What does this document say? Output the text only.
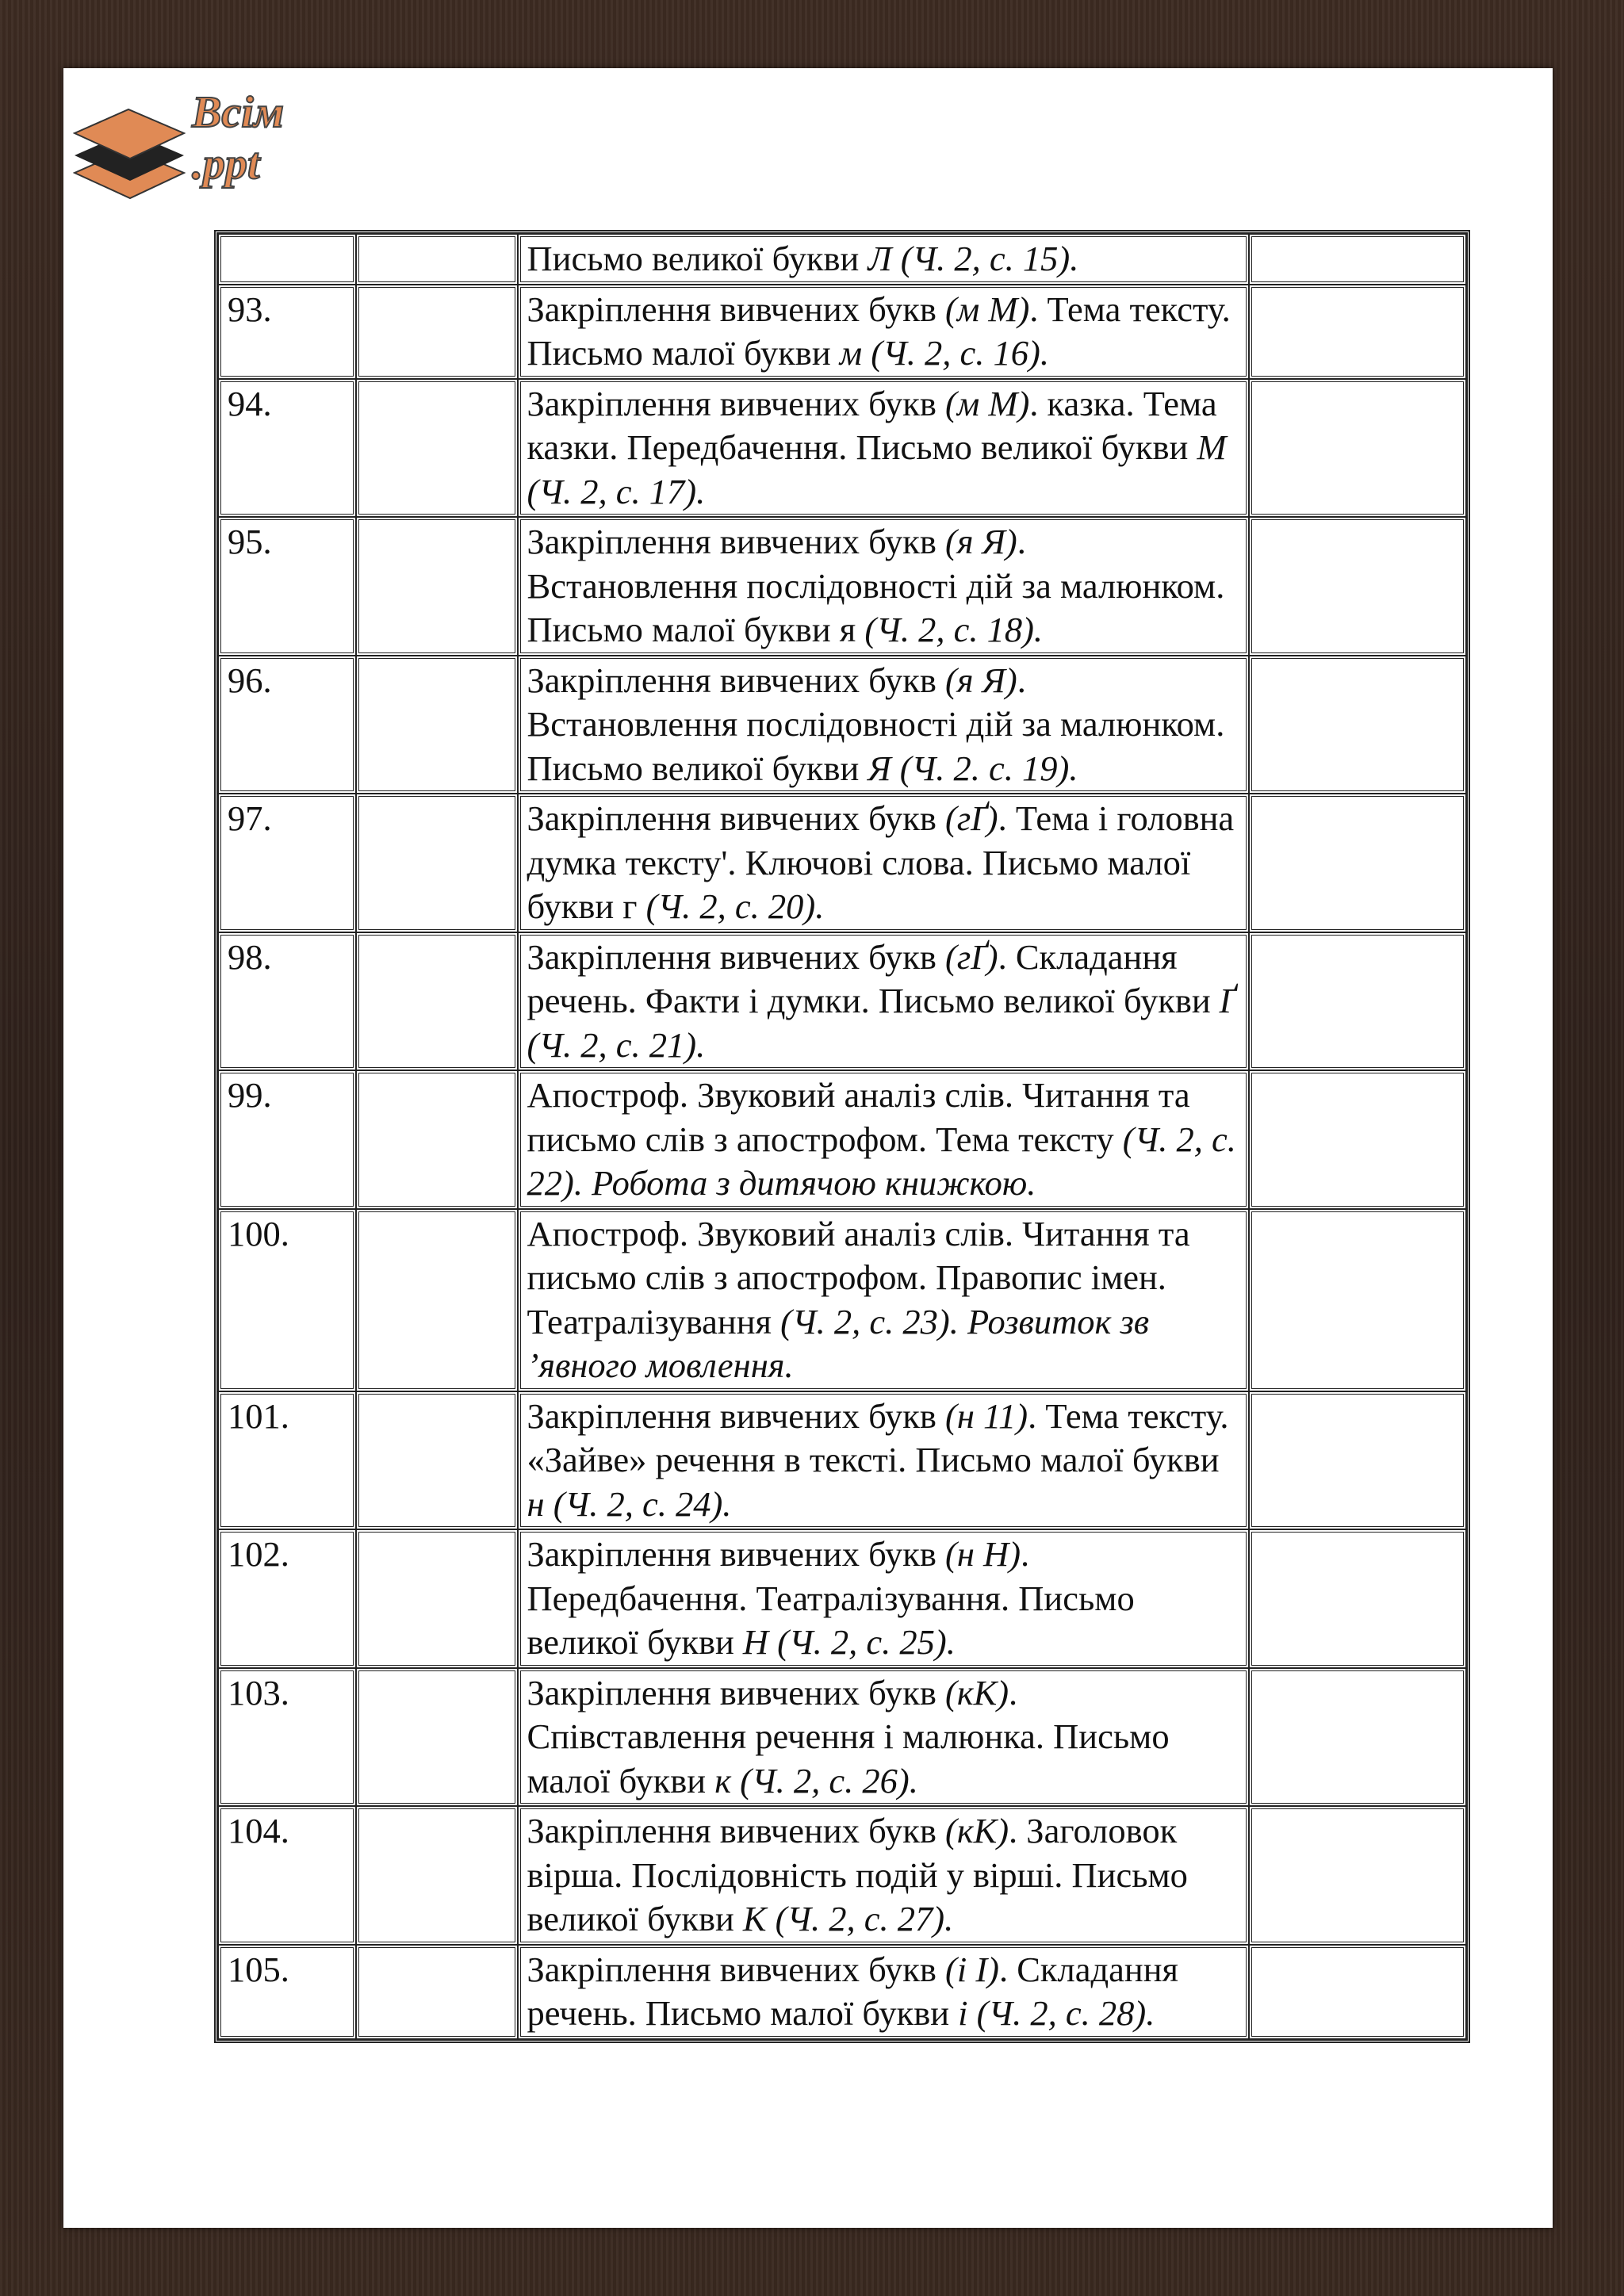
Всім
.ppt
		Письмо великої букви Л (Ч. 2, с. 15).	
93.		Закріплення вивчених букв (м М). Тема тексту. Письмо малої букви м (Ч. 2, с. 16).	
94.		Закріплення вивчених букв (м М). казка. Тема казки. Передбачення. Письмо великої букви М (Ч. 2, с. 17).	
95.		Закріплення вивчених букв (я Я). Встановлення послідовності дій за малюнком. Письмо малої букви я (Ч. 2, с. 18).	
96.		Закріплення вивчених букв (я Я). Встановлення послідовності дій за малюнком. Письмо великої букви Я (Ч. 2. с. 19).	
97.		Закріплення вивчених букв (гҐ). Тема і головна думка тексту'. Ключові слова. Письмо малої букви г (Ч. 2, с. 20).	
98.		Закріплення вивчених букв (гҐ). Складання речень. Факти і думки. Письмо великої букви Ґ (Ч. 2, с. 21).	
99.		Апостроф. Звуковий аналіз слів. Читання та письмо слів з апострофом. Тема тексту (Ч. 2, с. 22). Робота з дитячою книжкою.	
100.		Апостроф. Звуковий аналіз слів. Читання та письмо слів з апострофом. Правопис імен. Театралізування (Ч. 2, с. 23). Розвиток зв ’явного мовлення.	
101.		Закріплення вивчених букв (н 11). Тема тексту. «Зайве» речення в тексті. Письмо малої букви н (Ч. 2, с. 24).	
102.		Закріплення вивчених букв (н Н). Передбачення. Театралізування. Письмо великої букви Н (Ч. 2, с. 25).	
103.		Закріплення вивчених букв (кК). Співставлення речення і малюнка. Письмо малої букви к (Ч. 2, с. 26).	
104.		Закріплення вивчених букв (кК). Заголовок вірша. Послідовність подій у вірші. Письмо великої букви К (Ч. 2, с. 27).	
105.		Закріплення вивчених букв (і І). Складання речень. Письмо малої букви і (Ч. 2, с. 28).	
